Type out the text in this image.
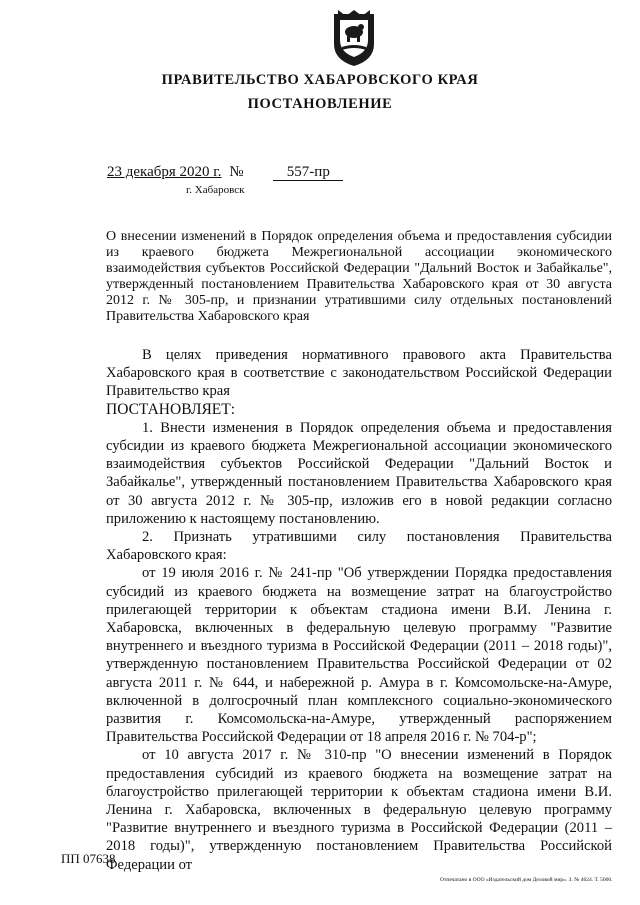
ПРАВИТЕЛЬСТВО ХАБАРОВСКОГО КРАЯ
ПОСТАНОВЛЕНИЕ
23 декабря 2020 г. №	557-пр
г. Хабаровск
О внесении изменений в Порядок определения объема и предоставления субсидии из краевого бюджета Межрегиональной ассоциации экономического взаимодействия субъектов Российской Федерации "Дальний Восток и Забайкалье", утвержденный постановлением Правительства Хабаровского края от 30 августа 2012 г. № 305-пр, и признании утратившими силу отдельных постановлений Правительства Хабаровского края

В целях приведения нормативного правового акта Правительства Хабаровского края в соответствие с законодательством Российской Федерации Правительство края

ПОСТАНОВЛЯЕТ:

1. Внести изменения в Порядок определения объема и предоставления субсидии из краевого бюджета Межрегиональной ассоциации экономического взаимодействия субъектов Российской Федерации "Дальний Восток и Забайкалье", утвержденный постановлением Правительства Хабаровского края от 30 августа 2012 г. № 305-пр, изложив его в новой редакции согласно приложению к настоящему постановлению.

2. Признать утратившими силу постановления Правительства Хабаровского края:

от 19 июля 2016 г. № 241-пр "Об утверждении Порядка предоставления субсидий из краевого бюджета на возмещение затрат на благоустройство прилегающей территории к объектам стадиона имени В.И. Ленина г. Хабаровска, включенных в федеральную целевую программу "Развитие внутреннего и въездного туризма в Российской Федерации (2011 – 2018 годы)", утвержденную постановлением Правительства Российской Федерации от 02 августа 2011 г. № 644, и набережной р. Амура в г. Комсомольске-на-Амуре, включенной в долгосрочный план комплексного социально-экономического развития г. Комсомольска-на-Амуре, утвержденный распоряжением Правительства Российской Федерации от 18 апреля 2016 г. № 704-р";

от 10 августа 2017 г. № 310-пр "О внесении изменений в Порядок предоставления субсидий из краевого бюджета на возмещение затрат на благоустройство прилегающей территории к объектам стадиона имени В.И. Ленина г. Хабаровска, включенных в федеральную целевую программу "Развитие внутреннего и въездного туризма в Российской Федерации (2011 – 2018 годы)", утвержденную постановлением Правительства Российской Федерации от

ПП 07638
Отпечатано в ООО «Издательский дом Деловой мир». З. № 4624. Т. 5000.
